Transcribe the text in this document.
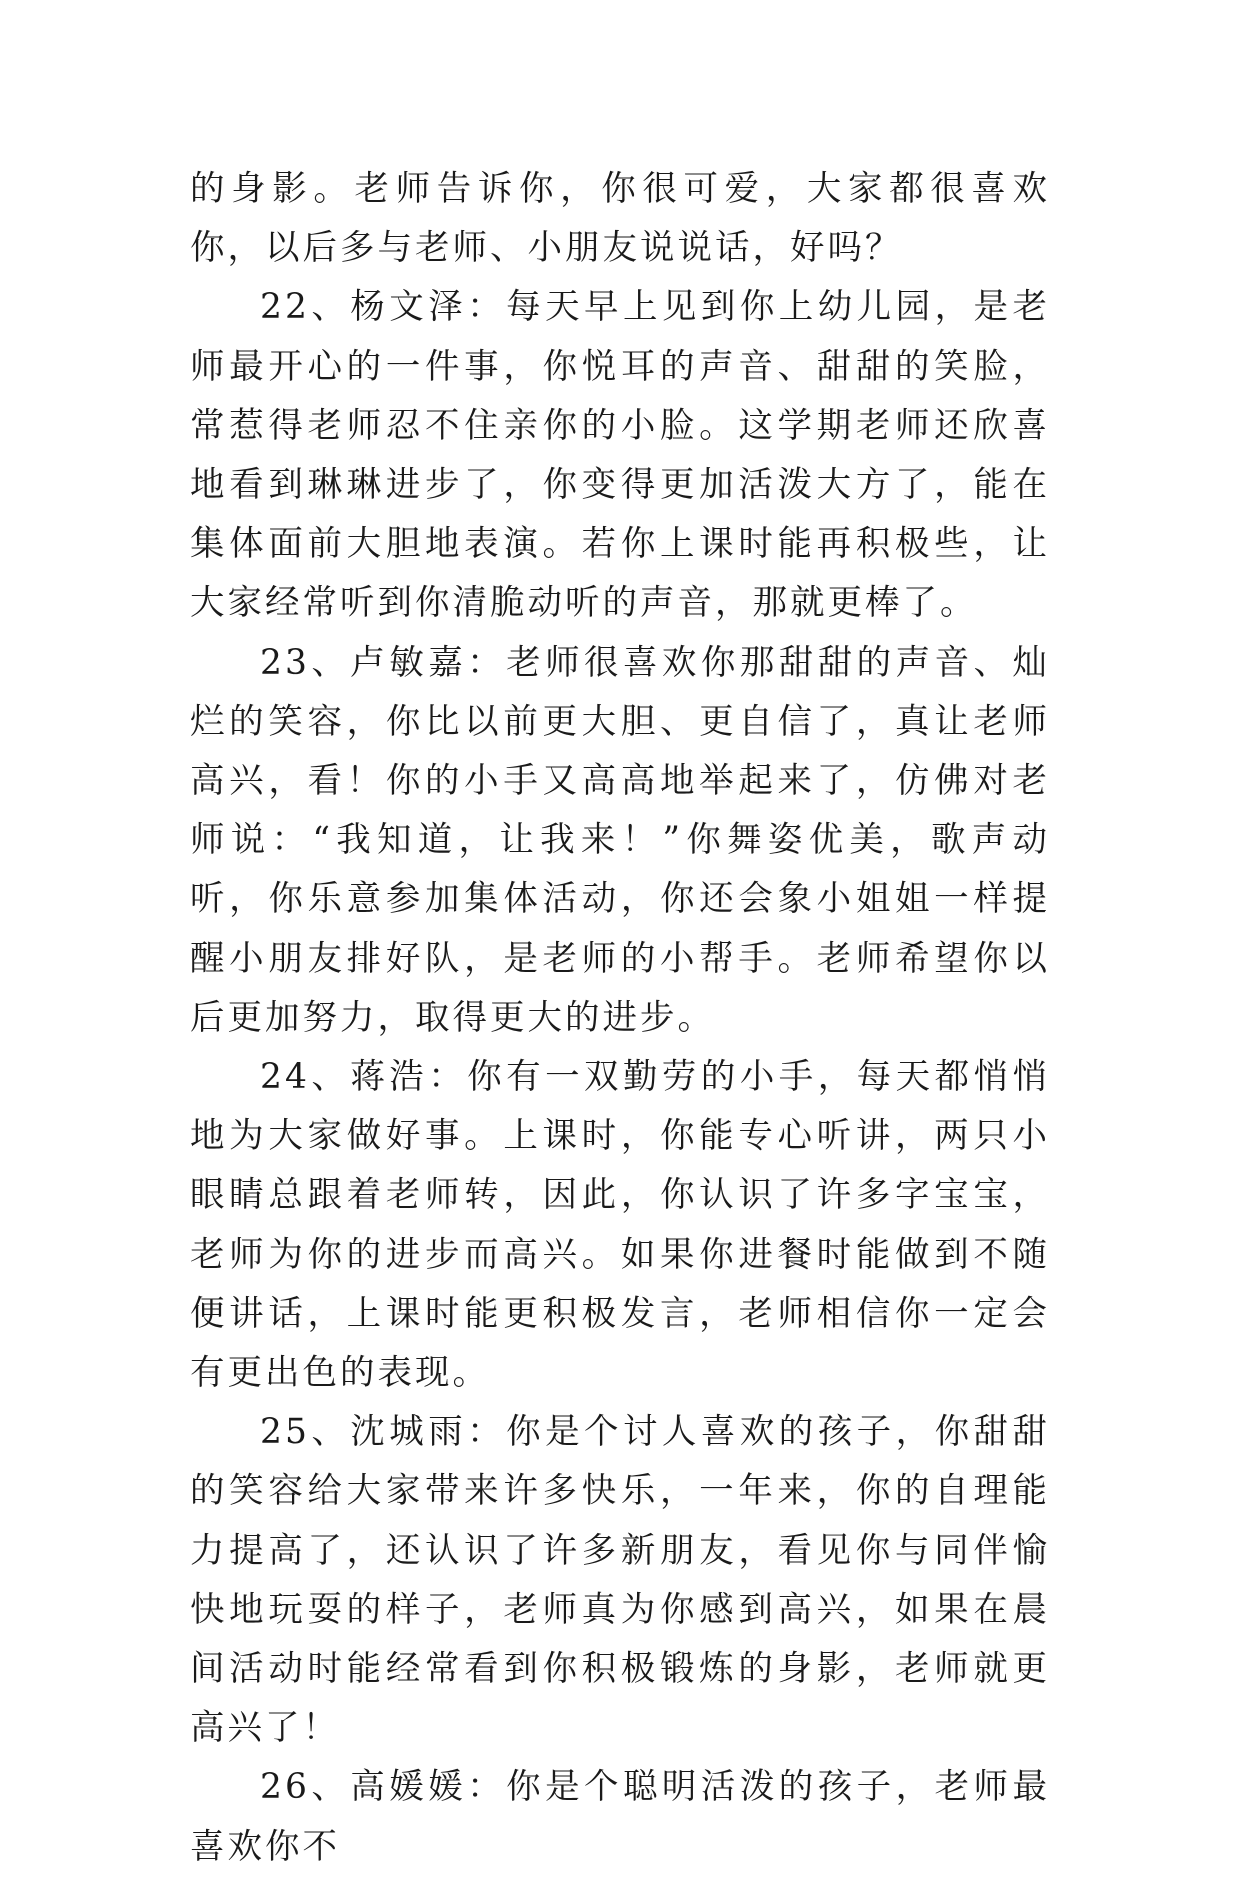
的身影。老师告诉你，你很可爱，大家都很喜欢你，以后多与老师、小朋友说说话，好吗？

22、杨文泽：每天早上见到你上幼儿园，是老师最开心的一件事，你悦耳的声音、甜甜的笑脸，常惹得老师忍不住亲你的小脸。这学期老师还欣喜地看到琳琳进步了，你变得更加活泼大方了，能在集体面前大胆地表演。若你上课时能再积极些，让大家经常听到你清脆动听的声音，那就更棒了。

23、卢敏嘉：老师很喜欢你那甜甜的声音、灿烂的笑容，你比以前更大胆、更自信了，真让老师高兴，看！你的小手又高高地举起来了，仿佛对老师说：“我知道，让我来！”你舞姿优美，歌声动听，你乐意参加集体活动，你还会象小姐姐一样提醒小朋友排好队，是老师的小帮手。老师希望你以后更加努力，取得更大的进步。

24、蒋浩：你有一双勤劳的小手，每天都悄悄地为大家做好事。上课时，你能专心听讲，两只小眼睛总跟着老师转，因此，你认识了许多字宝宝，老师为你的进步而高兴。如果你进餐时能做到不随便讲话，上课时能更积极发言，老师相信你一定会有更出色的表现。

25、沈城雨：你是个讨人喜欢的孩子，你甜甜的笑容给大家带来许多快乐，一年来，你的自理能力提高了，还认识了许多新朋友，看见你与同伴愉快地玩耍的样子，老师真为你感到高兴，如果在晨间活动时能经常看到你积极锻炼的身影，老师就更高兴了！

26、高媛媛：你是个聪明活泼的孩子，老师最喜欢你不
